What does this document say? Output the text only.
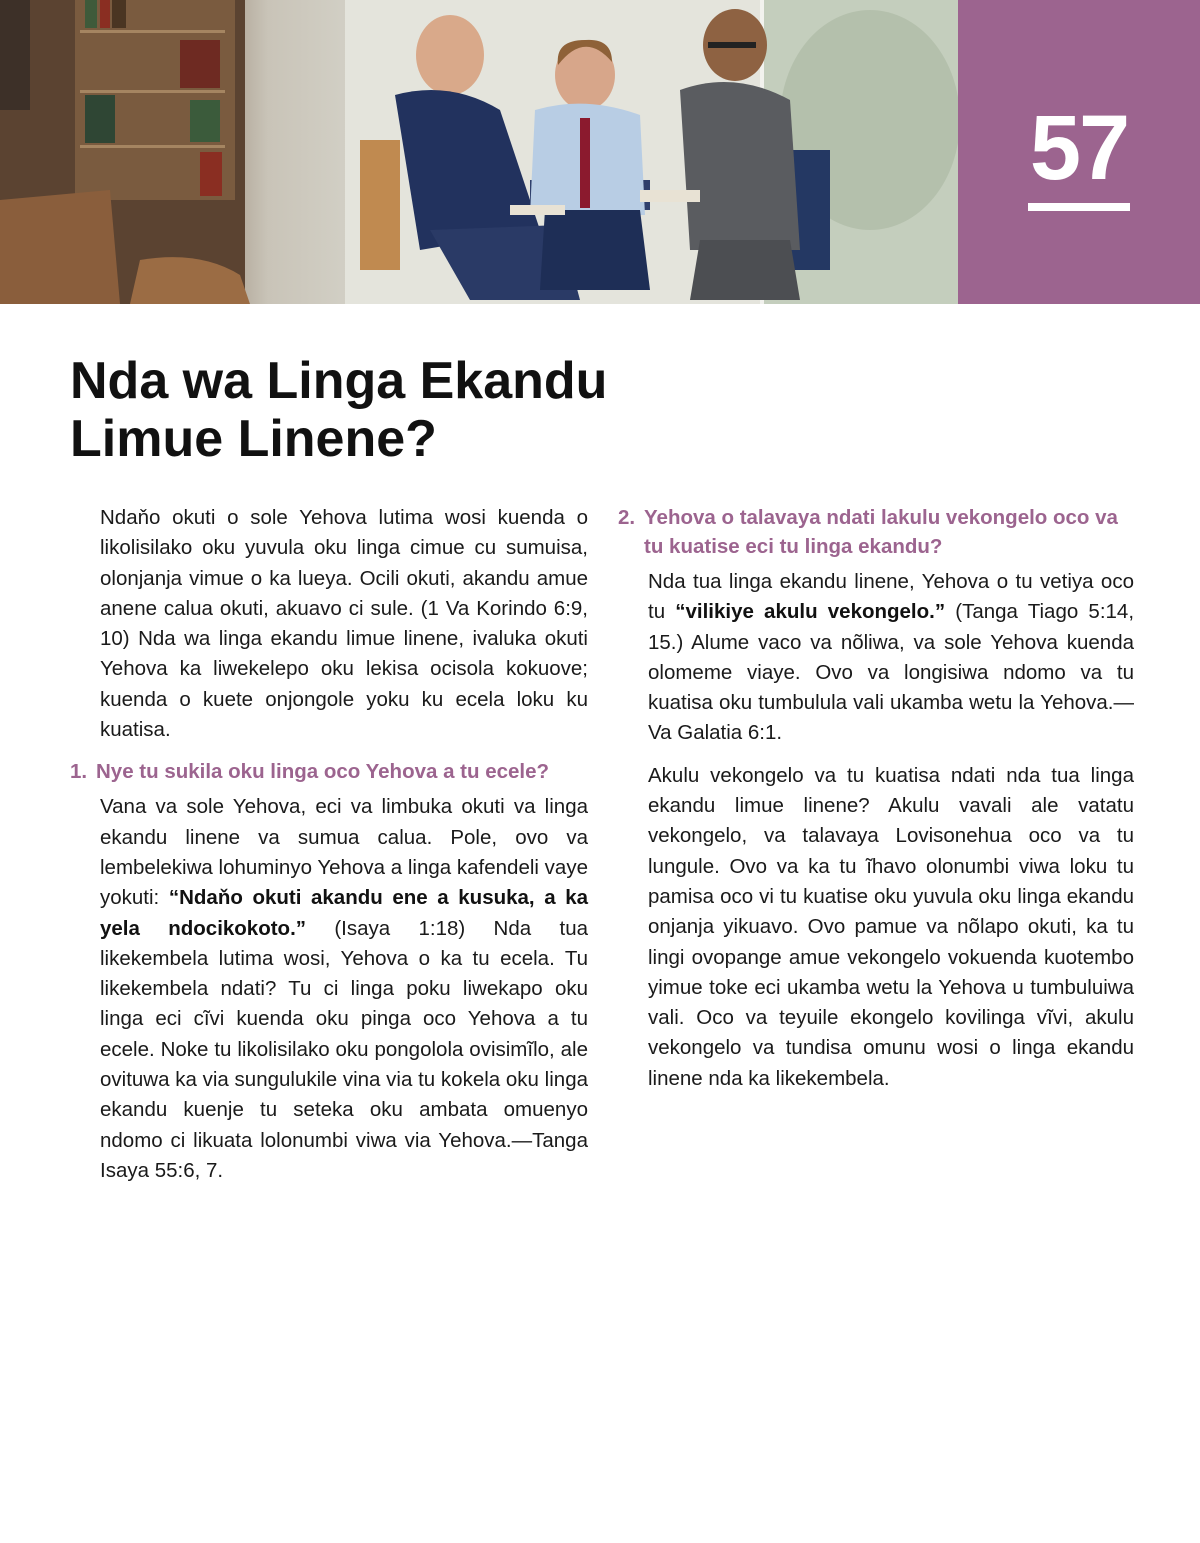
57
Nda wa Linga Ekandu
Limue Linene?

Ndaňo okuti o sole Yehova lutima wosi kuenda o likolisilako oku yuvula oku linga cimue cu sumuisa, olonjanja vimue o ka lueya. Ocili okuti, akandu amue anene calua okuti, akuavo ci sule. (1 Va Korindo 6:9, 10) Nda wa linga ekandu limue linene, ivaluka okuti Yehova ka liwekelepo oku lekisa ocisola kokuove; kuenda o kuete onjongole yoku ku ecela loku ku kuatisa.

1. Nye tu sukila oku linga oco Yehova a tu ecele?

Vana va sole Yehova, eci va limbuka okuti va linga ekandu linene va sumua calua. Pole, ovo va lembelekiwa lohuminyo Yehova a linga kafendeli vaye yokuti: “Ndaňo okuti akandu ene a kusuka, a ka yela ndocikokoto.” (Isaya 1:18) Nda tua likekembela lutima wosi, Yehova o ka tu ecela. Tu likekembela ndati? Tu ci linga poku liwekapo oku linga eci cĩvi kuenda oku pinga oco Yehova a tu ecele. Noke tu likolisilako oku pongolola ovisimĩlo, ale ovituwa ka via sungulukile vina via tu kokela oku linga ekandu kuenje tu seteka oku ambata omuenyo ndomo ci likuata lolonumbi viwa via Yehova.—Tanga Isaya 55:6, 7.

2. Yehova o talavaya ndati lakulu vekongelo oco va tu kuatise eci tu linga ekandu?

Nda tua linga ekandu linene, Yehova o tu vetiya oco tu “vilikiye akulu vekongelo.” (Tanga Tiago 5:14, 15.) Alume vaco va nõliwa, va sole Yehova kuenda olomeme viaye. Ovo va longisiwa ndomo va tu kuatisa oku tumbulula vali ukamba wetu la Yehova.—Va Galatia 6:1.

Akulu vekongelo va tu kuatisa ndati nda tua linga ekandu limue linene? Akulu vavali ale vatatu vekongelo, va talavaya Lovisonehua oco va tu lungule. Ovo va ka tu ĩhavo olonumbi viwa loku tu pamisa oco vi tu kuatise oku yuvula oku linga ekandu onjanja yikuavo. Ovo pamue va nõlapo okuti, ka tu lingi ovopange amue vekongelo vokuenda kuotembo yimue toke eci ukamba wetu la Yehova u tumbuluiwa vali. Oco va teyuile ekongelo kovilinga vĩvi, akulu vekongelo va tundisa omunu wosi o linga ekandu linene nda ka likekembela.
